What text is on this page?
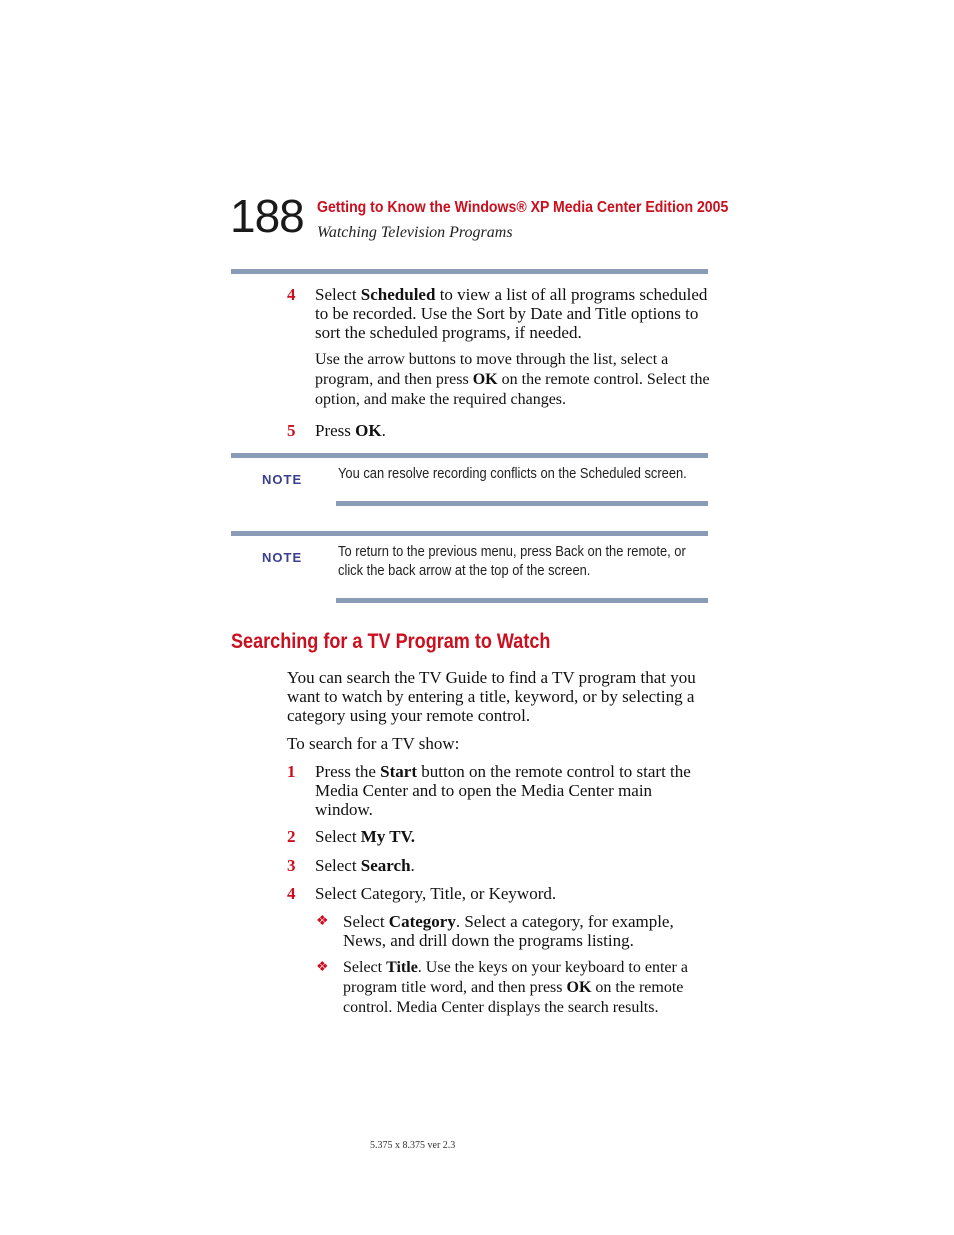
188 Getting to Know the Windows® XP Media Center Edition 2005
Watching Television Programs
4 Select Scheduled to view a list of all programs scheduled to be recorded. Use the Sort by Date and Title options to sort the scheduled programs, if needed.
Use the arrow buttons to move through the list, select a program, and then press OK on the remote control. Select the option, and make the required changes.
5 Press OK.
NOTE You can resolve recording conflicts on the Scheduled screen.
NOTE To return to the previous menu, press Back on the remote, or click the back arrow at the top of the screen.
Searching for a TV Program to Watch
You can search the TV Guide to find a TV program that you want to watch by entering a title, keyword, or by selecting a category using your remote control.
To search for a TV show:
1 Press the Start button on the remote control to start the Media Center and to open the Media Center main window.
2 Select My TV.
3 Select Search.
4 Select Category, Title, or Keyword.
❖ Select Category. Select a category, for example, News, and drill down the programs listing.
❖ Select Title. Use the keys on your keyboard to enter a program title word, and then press OK on the remote control. Media Center displays the search results.
5.375 x 8.375 ver 2.3
